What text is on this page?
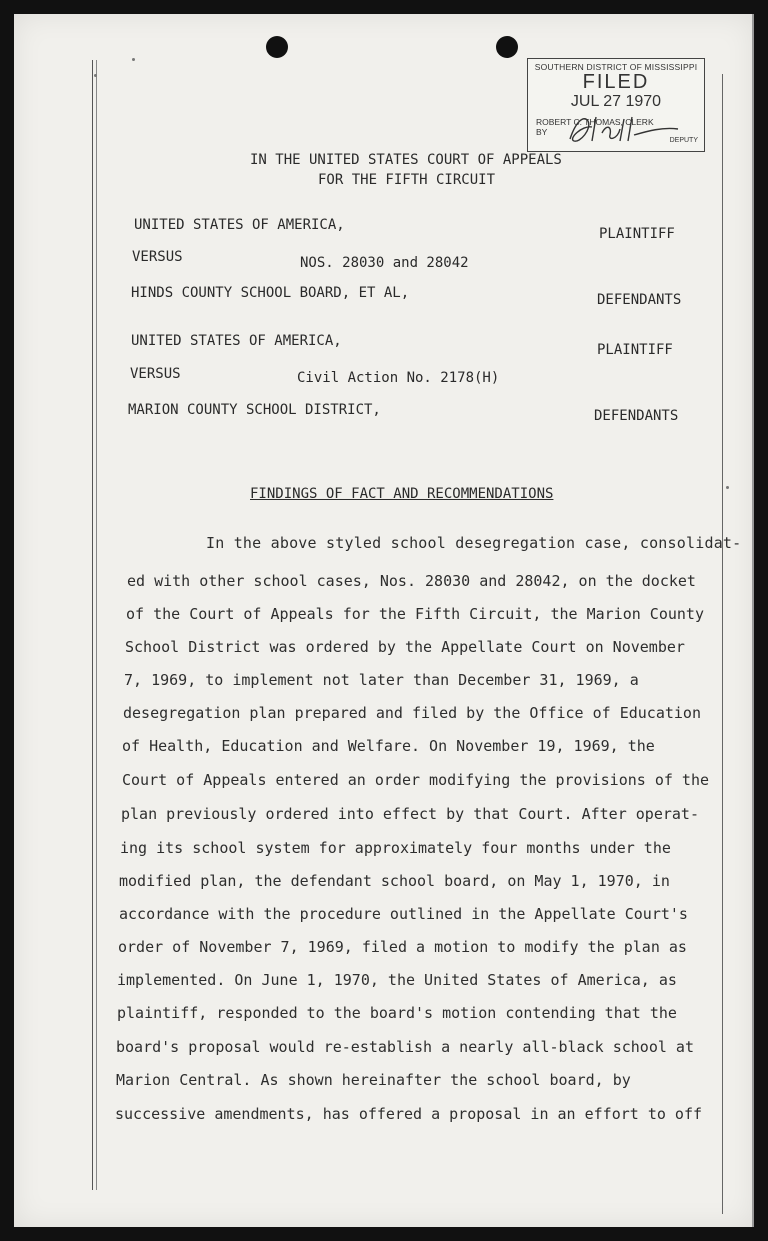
SOUTHERN DISTRICT OF MISSISSIPPI
FILED
JUL 27 1970
ROBERT C. THOMAS, CLERK
BY
DEPUTY
IN THE UNITED STATES COURT OF APPEALS
FOR THE FIFTH CIRCUIT
UNITED STATES OF AMERICA,
PLAINTIFF
VERSUS	NOS. 28030 and 28042
HINDS COUNTY SCHOOL BOARD, ET AL,	DEFENDANTS
UNITED STATES OF AMERICA,
PLAINTIFF
VERSUS	Civil Action No. 2178(H)
MARION COUNTY SCHOOL DISTRICT,	DEFENDANTS
FINDINGS OF FACT AND RECOMMENDATIONS
In the above styled school desegregation case, consolidat-
ed with other school cases, Nos. 28030 and 28042, on the docket
of the Court of Appeals for the Fifth Circuit, the Marion County
School District was ordered by the Appellate Court on November
7, 1969, to implement not later than December 31, 1969, a
desegregation plan prepared and filed by the Office of Education
of Health, Education and Welfare. On November 19, 1969, the
Court of Appeals entered an order modifying the provisions of the
plan previously ordered into effect by that Court. After operat-
ing its school system for approximately four months under the
modified plan, the defendant school board, on May 1, 1970, in
accordance with the procedure outlined in the Appellate Court's
order of November 7, 1969, filed a motion to modify the plan as
implemented. On June 1, 1970, the United States of America, as
plaintiff, responded to the board's motion contending that the
board's proposal would re-establish a nearly all-black school at
Marion Central. As shown hereinafter the school board, by
successive amendments, has offered a proposal in an effort to off
